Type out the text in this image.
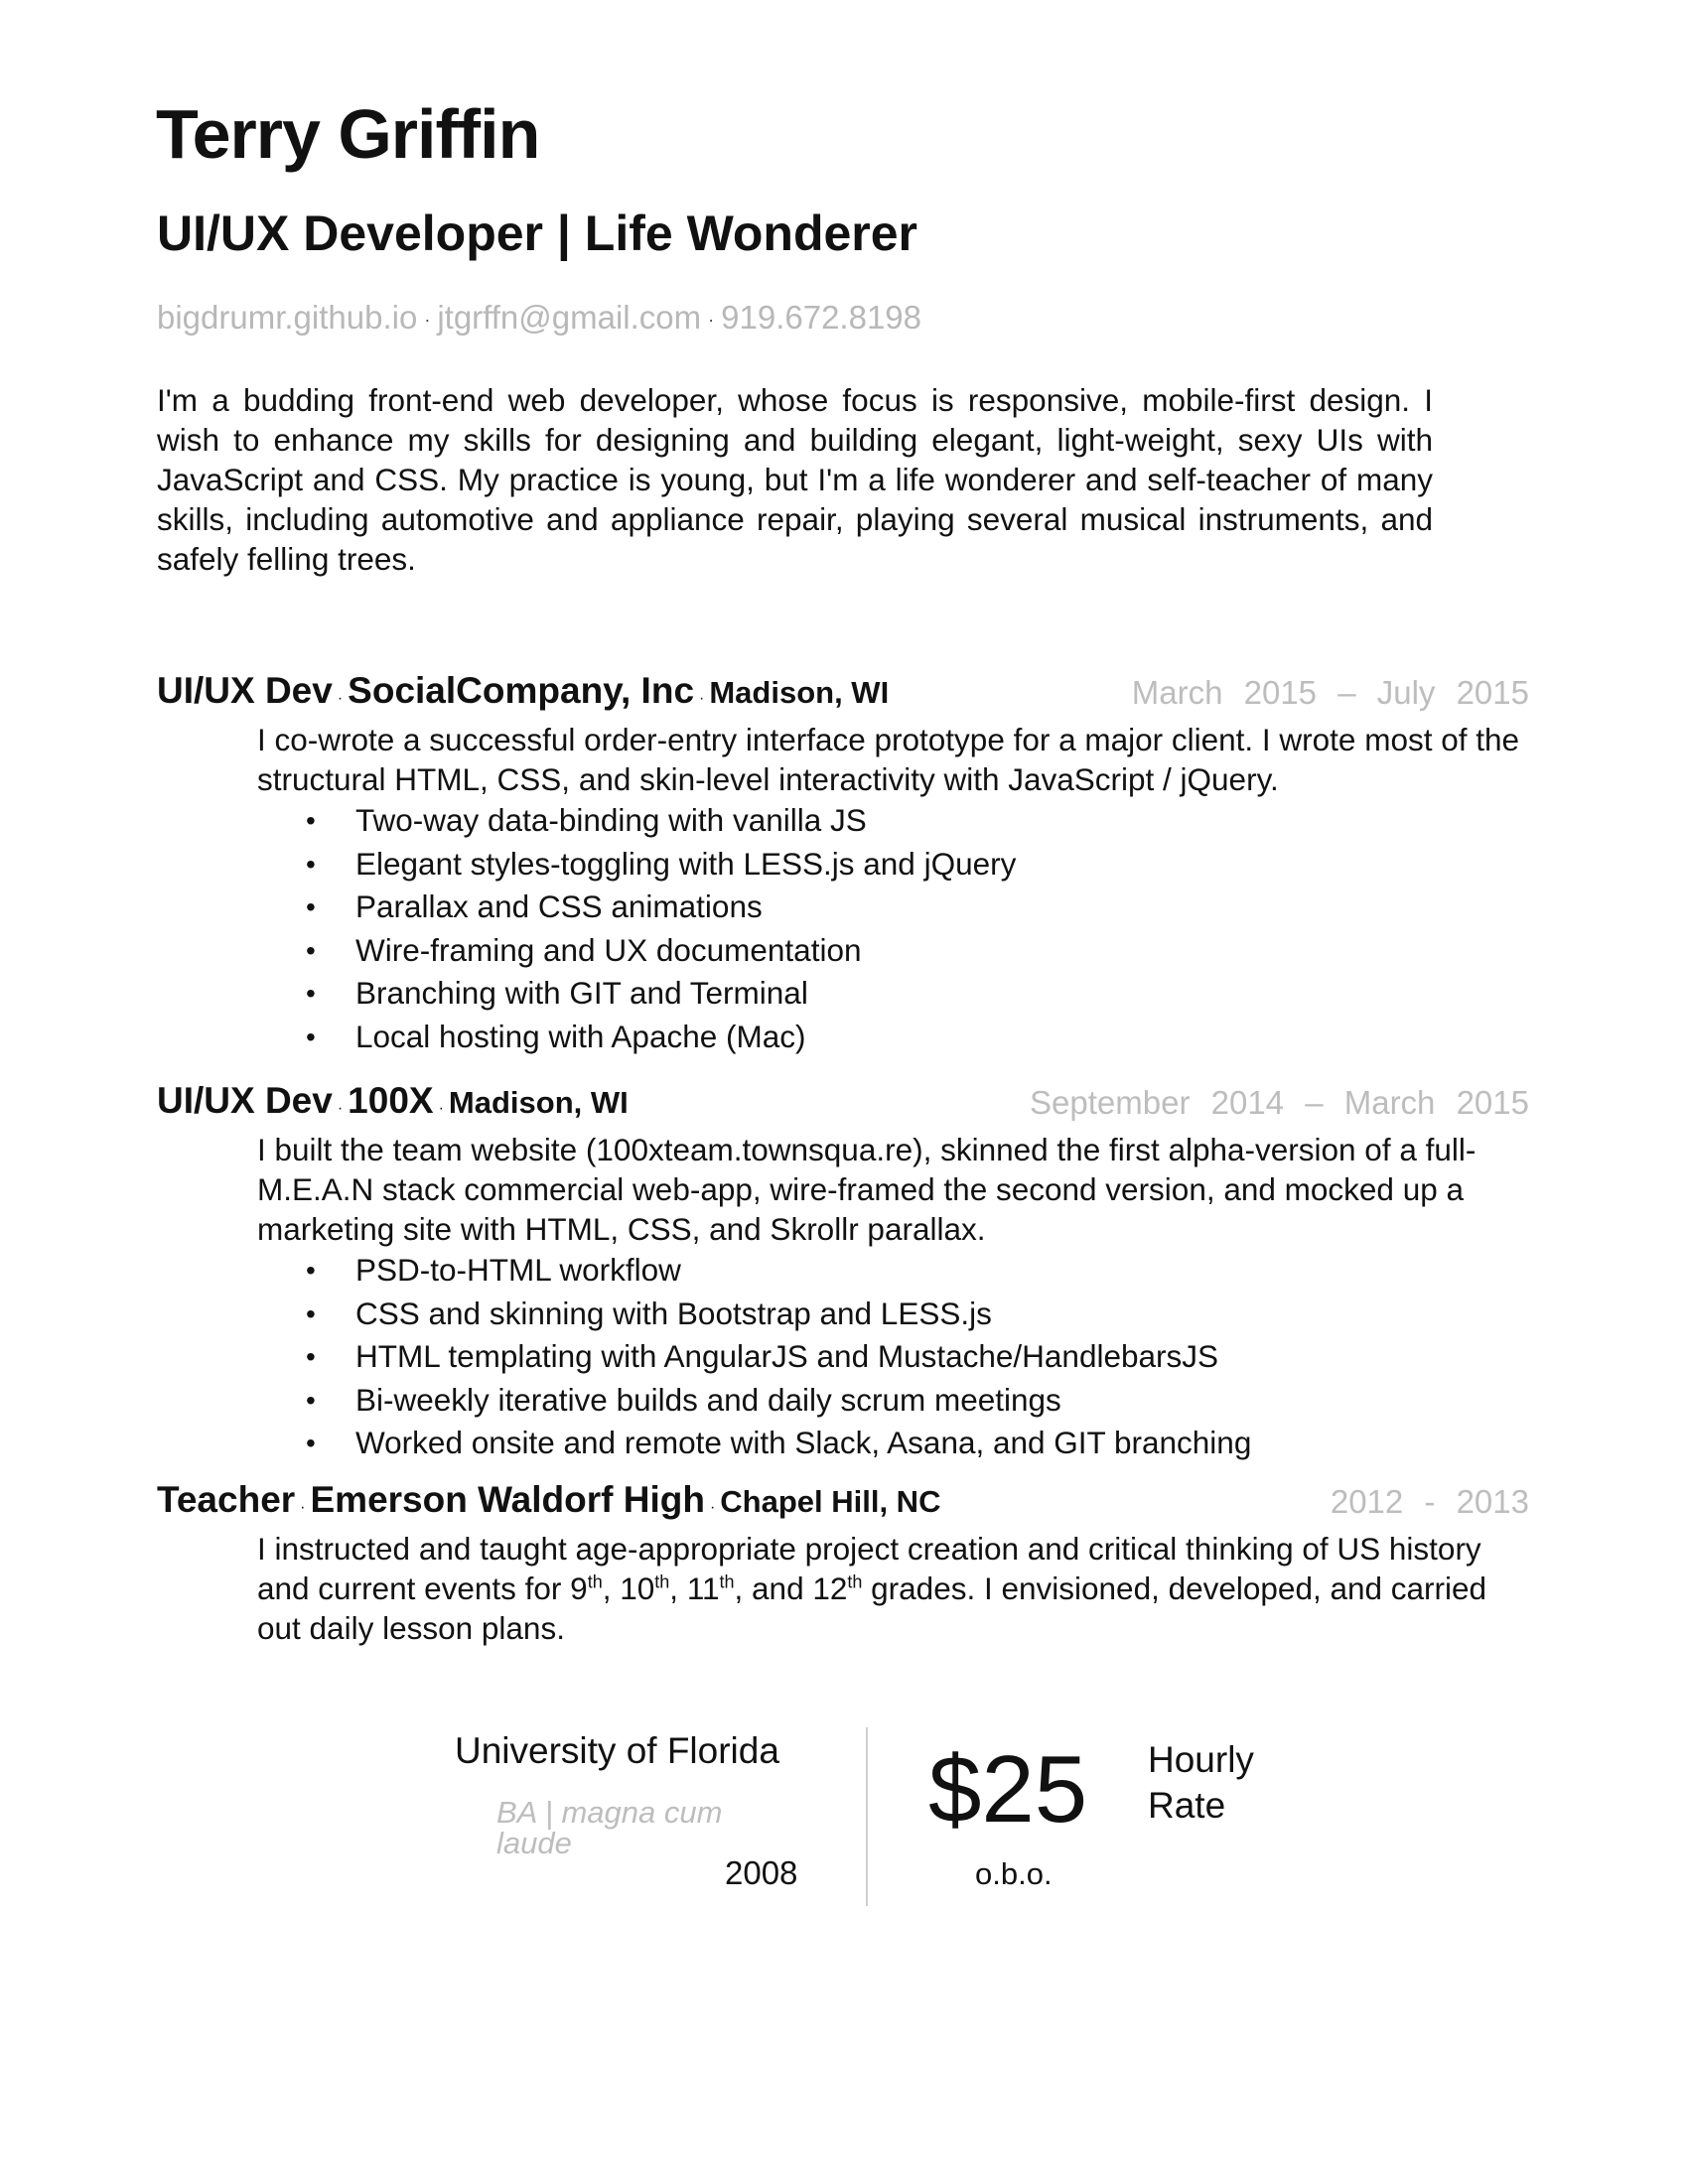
Terry Griffin
UI/UX Developer | Life Wonderer
bigdrumr.github.io · jtgrffn@gmail.com · 919.672.8198
I'm a budding front-end web developer, whose focus is responsive, mobile-first design. I wish to enhance my skills for designing and building elegant, light-weight, sexy UIs with JavaScript and CSS. My practice is young, but I'm a life wonderer and self-teacher of many skills, including automotive and appliance repair, playing several musical instruments, and safely felling trees.
UI/UX Dev · SocialCompany, Inc · Madison, WI	March 2015 – July 2015
I co-wrote a successful order-entry interface prototype for a major client. I wrote most of the structural HTML, CSS, and skin-level interactivity with JavaScript / jQuery.
• Two-way data-binding with vanilla JS
• Elegant styles-toggling with LESS.js and jQuery
• Parallax and CSS animations
• Wire-framing and UX documentation
• Branching with GIT and Terminal
• Local hosting with Apache (Mac)
UI/UX Dev · 100X · Madison, WI	September 2014 – March 2015
I built the team website (100xteam.townsqua.re), skinned the first alpha-version of a full-M.E.A.N stack commercial web-app, wire-framed the second version, and mocked up a marketing site with HTML, CSS, and Skrollr parallax.
• PSD-to-HTML workflow
• CSS and skinning with Bootstrap and LESS.js
• HTML templating with AngularJS and Mustache/HandlebarsJS
• Bi-weekly iterative builds and daily scrum meetings
• Worked onsite and remote with Slack, Asana, and GIT branching
Teacher · Emerson Waldorf High · Chapel Hill, NC	2012 - 2013
I instructed and taught age-appropriate project creation and critical thinking of US history and current events for 9th, 10th, 11th, and 12th grades. I envisioned, developed, and carried out daily lesson plans.
University of Florida
BA | magna cum laude
2008
$25 Hourly Rate
o.b.o.
